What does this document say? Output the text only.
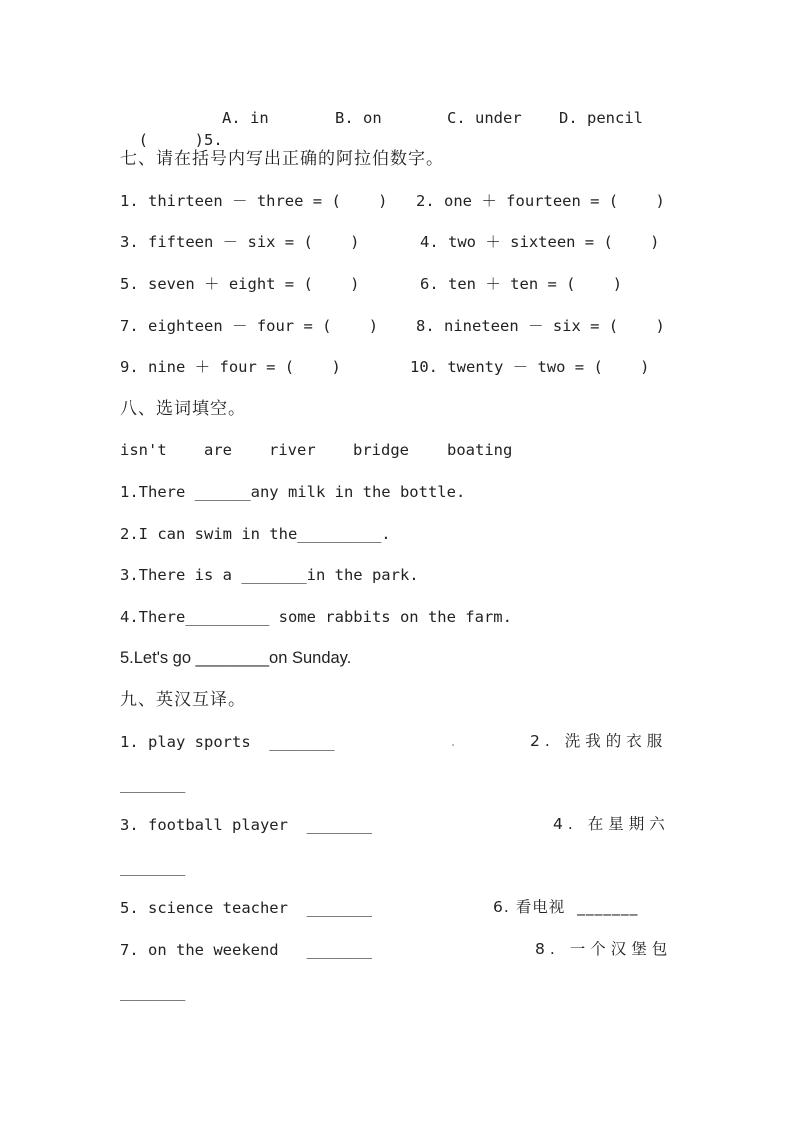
(     )5.

A. in	B. on	C. under D. pencil
七、请在括号内写出正确的阿拉伯数字。
1. thirteen － three = (    ) 2. one ＋ fourteen = (    )
3. fifteen － six = (    )	4. two ＋ sixteen = (    )
5. seven ＋ eight = (    )	6. ten ＋ ten = (    )
7. eighteen － four = (    ) 8. nineteen － six = (    )
9. nine ＋ four = (    )	10. twenty － two = (    )
八、选词填空。
isn't are river bridge boating
1.There ______any milk in the bottle.
2.I can swim in the_________.
3.There is a _______in the park.
4.There_________ some rabbits on the farm.
5.Let's go ________on Sunday.
九、英汉互译。
1. play sports  _______	2. 洗我的衣服
_______
3. football player  _______	4. 在星期六
_______
5. science teacher  _______	6. 看电视  _______
7. on the weekend   _______	8. 一个汉堡包
_______
